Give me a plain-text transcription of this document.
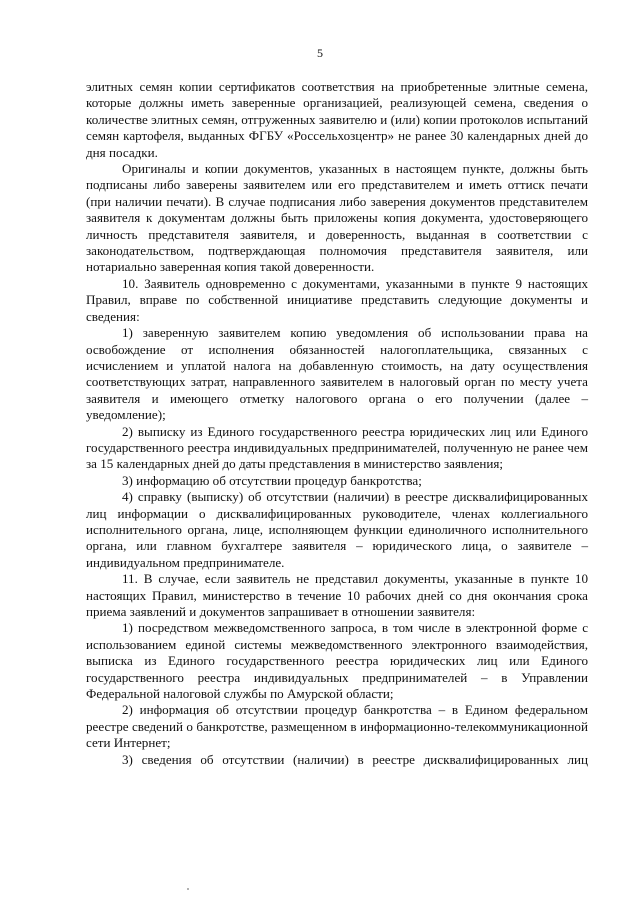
5

элитных семян копии сертификатов соответствия на приобретенные элитные семена, которые должны иметь заверенные организацией, реализующей семена, сведения о количестве элитных семян, отгруженных заявителю и (или) копии протоколов испытаний семян картофеля, выданных ФГБУ «Россельхозцентр» не ранее 30 календарных дней до дня посадки.

Оригиналы и копии документов, указанных в настоящем пункте, должны быть подписаны либо заверены заявителем или его представителем и иметь оттиск печати (при наличии печати). В случае подписания либо заверения документов представителем заявителя к документам должны быть приложены копия документа, удостоверяющего личность представителя заявителя, и доверенность, выданная в соответствии с законодательством, подтверждающая полномочия представителя заявителя, или нотариально заверенная копия такой доверенности.

10. Заявитель одновременно с документами, указанными в пункте 9 настоящих Правил, вправе по собственной инициативе представить следующие документы и сведения:

1) заверенную заявителем копию уведомления об использовании права на освобождение от исполнения обязанностей налогоплательщика, связанных с исчислением и уплатой налога на добавленную стоимость, на дату осуществления соответствующих затрат, направленного заявителем в налоговый орган по месту учета заявителя и имеющего отметку налогового органа о его получении (далее – уведомление);

2) выписку из Единого государственного реестра юридических лиц или Единого государственного реестра индивидуальных предпринимателей, полученную не ранее чем за 15 календарных дней до даты представления в министерство заявления;

3) информацию об отсутствии процедур банкротства;

4) справку (выписку) об отсутствии (наличии) в реестре дисквалифицированных лиц информации о дисквалифицированных руководителе, членах коллегиального исполнительного органа, лице, исполняющем функции единоличного исполнительного органа, или главном бухгалтере заявителя – юридического лица, о заявителе – индивидуальном предпринимателе.

11. В случае, если заявитель не представил документы, указанные в пункте 10 настоящих Правил, министерство в течение 10 рабочих дней со дня окончания срока приема заявлений и документов запрашивает в отношении заявителя:

1) посредством межведомственного запроса, в том числе в электронной форме с использованием единой системы межведомственного электронного взаимодействия, выписка из Единого государственного реестра юридических лиц или Единого государственного реестра индивидуальных предпринимателей – в Управлении Федеральной налоговой службы по Амурской области;

2) информация об отсутствии процедур банкротства – в Едином федеральном реестре сведений о банкротстве, размещенном в информационно-телекоммуникационной сети Интернет;

3) сведения об отсутствии (наличии) в реестре дисквалифицированных лиц
